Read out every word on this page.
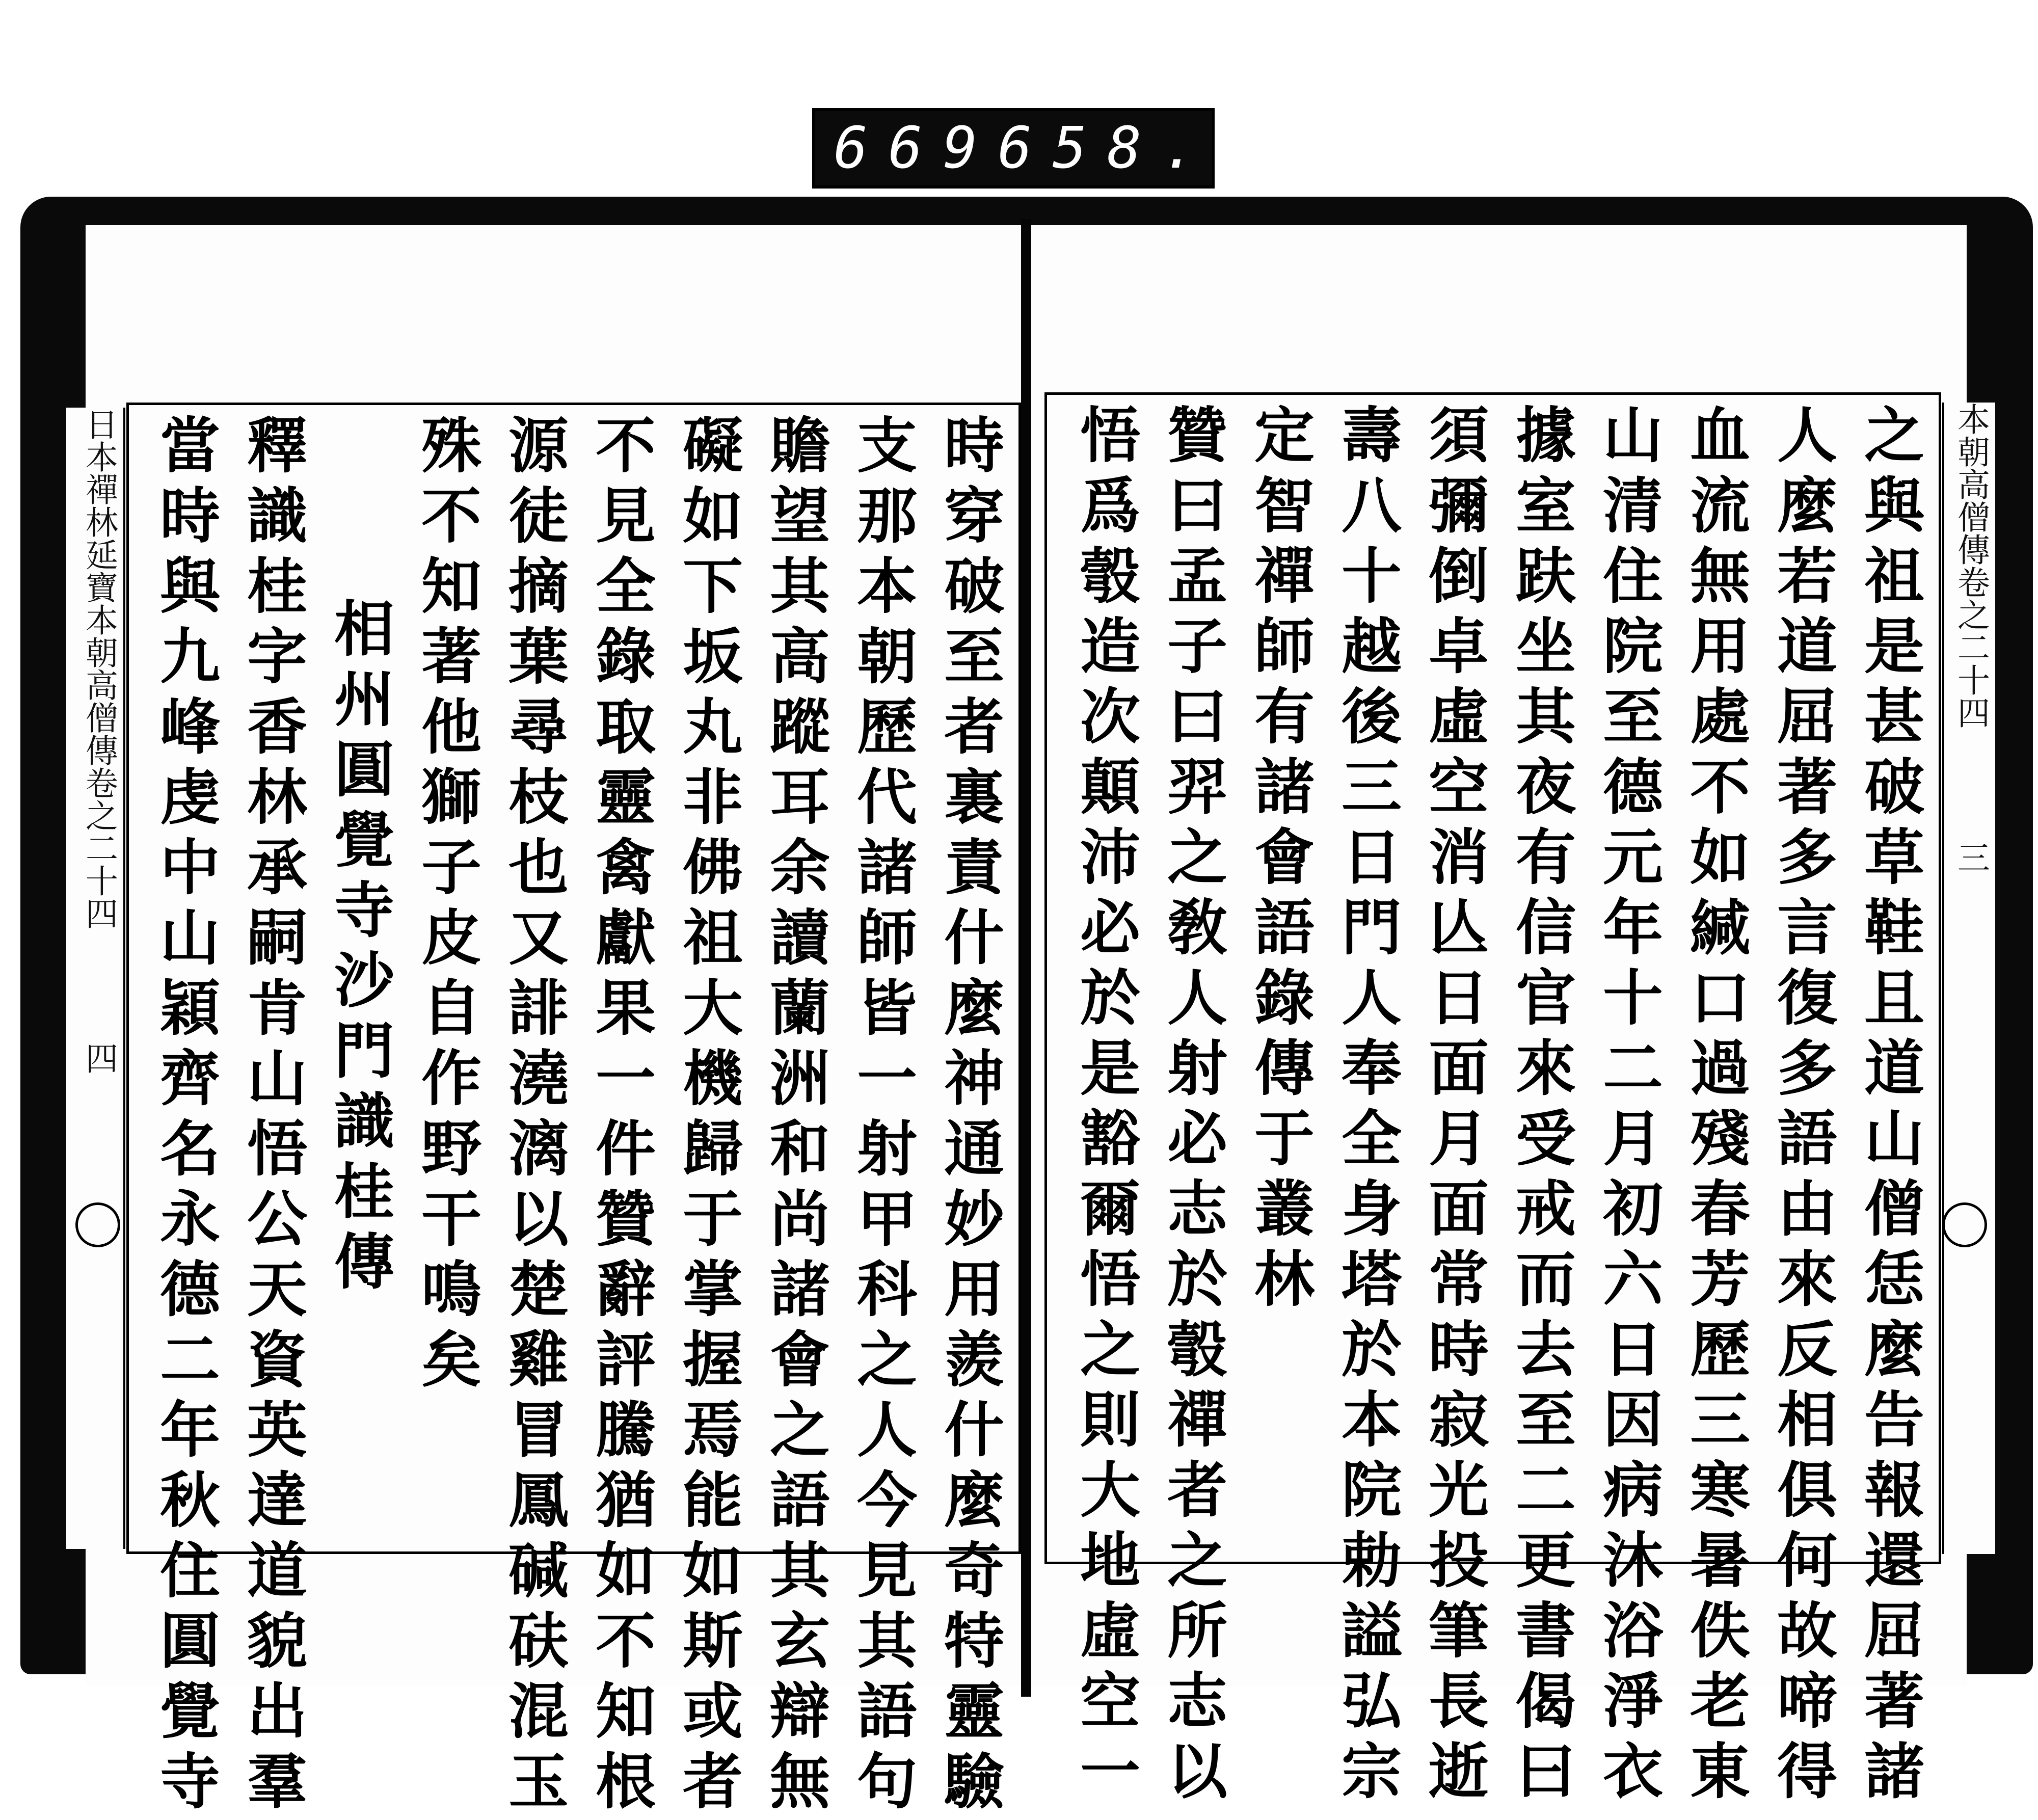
669 658.
日本禪林延寶本朝高僧傳卷之二十四 四
本朝高僧傳卷之二十四 三
時穿破至者裏責什麼神通妙用羨什麼奇特靈驗
支那本朝歷代諸師皆一射甲科之人今見其語句
贍望其高蹤耳余讀蘭洲和尚諸會之語其玄辯無
礙如下坂丸非佛祖大機歸于掌握焉能如斯或者
不見全錄取靈禽獻果一件贊辭評騰猶如不知根
源徒摘葉尋枝也又誹澆漓以楚雞冒鳳碱砆混玉
殊不知著他獅子皮自作野干鳴矣
相州圓覺寺沙門識桂傳
釋識桂字香林承嗣肯山悟公天資英達道貌出羣
當時與九峰虔中山穎齊名永德二年秋住圓覺寺	之與祖是甚破草鞋且道山僧恁麼告報還屈著諸
人麼若道屈著多言復多語由來反相俱何故啼得
血流無用處不如緘口過殘春芳歷三寒暑佚老東
山清住院至德元年十二月初六日因病沐浴淨衣
據室趺坐其夜有信官來受戒而去至二更書偈曰
須彌倒卓虛空消亾日面月面常時寂光投筆長逝
壽八十越後三日門人奉全身塔於本院勅謚弘宗
定智禪師有諸會語錄傳于叢林
贊曰孟子曰羿之敎人射必志於彀禪者之所志以
悟爲彀造次顛沛必於是豁爾悟之則大地虛空一
